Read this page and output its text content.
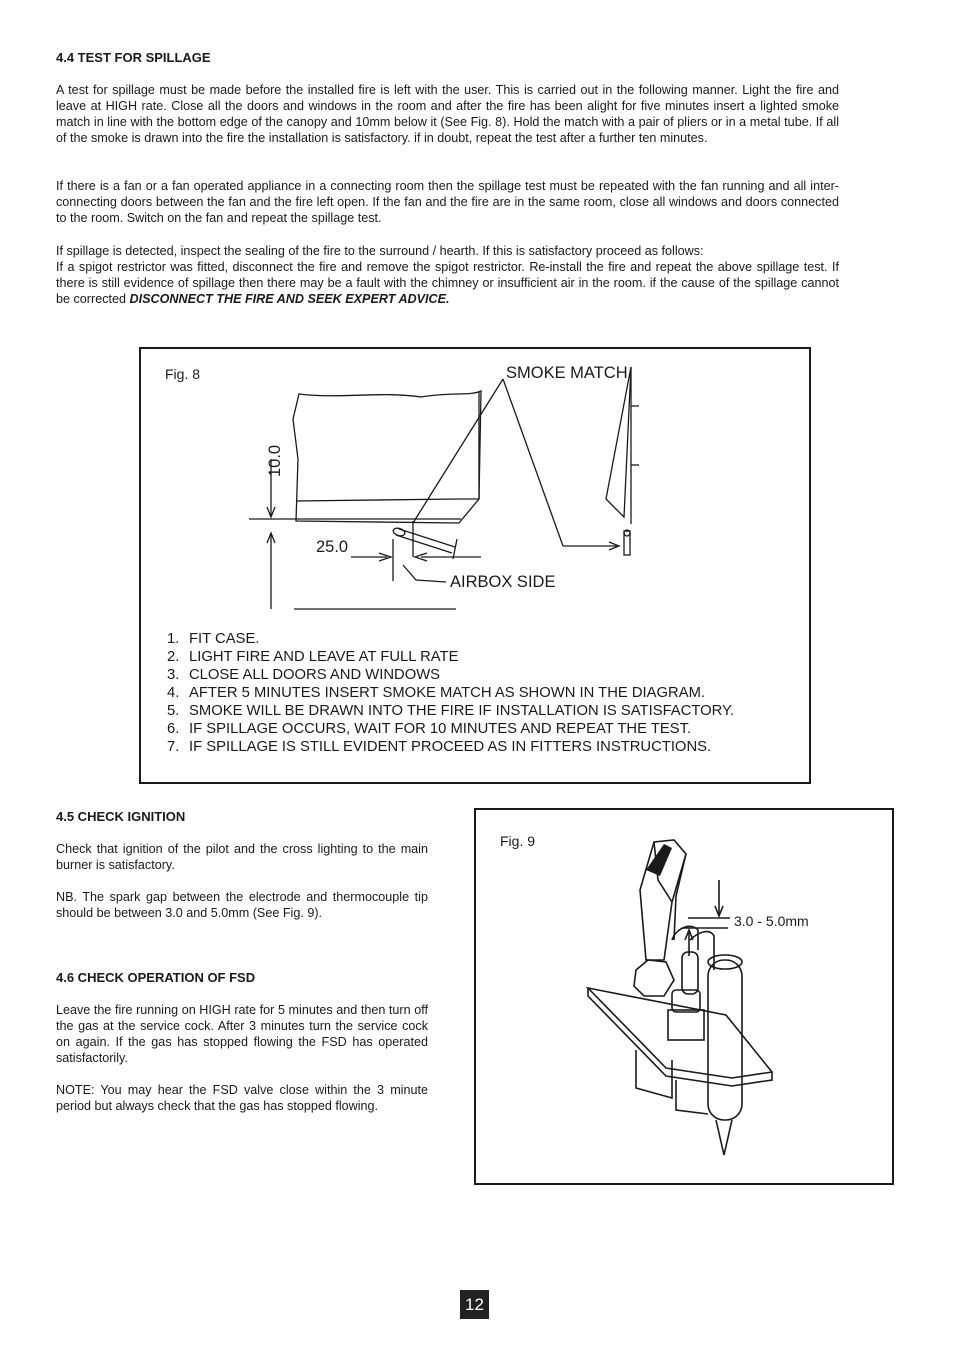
4.4 TEST FOR SPILLAGE
A test for spillage must be made before the installed fire is left with the user. This is carried out in the following manner. Light the fire and leave at HIGH rate. Close all the doors and windows in the room and after the fire has been alight for five minutes insert a lighted smoke match in line with the bottom edge of the canopy and 10mm below it (See Fig. 8). Hold the match with a pair of pliers or in a metal tube. If all of the smoke is drawn into the fire the installation is satisfactory. if in doubt, repeat the test after a further ten minutes.
If there is a fan or a fan operated appliance in a connecting room then the spillage test must be repeated with the fan running and all inter-connecting doors between the fan and the fire left open. If the fan and the fire are in the same room, close all windows and doors connected to the room. Switch on the fan and repeat the spillage test.
If spillage is detected, inspect the sealing of the fire to the surround / hearth. If this is satisfactory proceed as follows:
If a spigot restrictor was fitted, disconnect the fire and remove the spigot restrictor. Re-install the fire and repeat the above spillage test. If there is still evidence of spillage then there may be a fault with the chimney or insufficient air in the room. if the cause of the spillage cannot be corrected DISCONNECT THE FIRE AND SEEK EXPERT ADVICE.
Fig. 8	SMOKE MATCH
10.0
25.0
AIRBOX SIDE
1. FIT CASE.
2. LIGHT FIRE AND LEAVE AT FULL RATE
3. CLOSE ALL DOORS AND WINDOWS
4. AFTER 5 MINUTES INSERT SMOKE MATCH AS SHOWN IN THE DIAGRAM.
5. SMOKE WILL BE DRAWN INTO THE FIRE IF INSTALLATION IS SATISFACTORY.
6. IF SPILLAGE OCCURS, WAIT FOR 10 MINUTES AND REPEAT THE TEST.
7. IF SPILLAGE IS STILL EVIDENT PROCEED AS IN FITTERS INSTRUCTIONS.
4.5 CHECK IGNITION
Check that ignition of the pilot and the cross lighting to the main burner is satisfactory.
NB. The spark gap between the electrode and thermocouple tip should be between 3.0 and 5.0mm (See Fig. 9).
4.6 CHECK OPERATION OF FSD
Leave the fire running on HIGH rate for 5 minutes and then turn off the gas at the service cock. After 3 minutes turn the service cock on again. If the gas has stopped flowing the FSD has operated satisfactorily.
NOTE: You may hear the FSD valve close within the 3 minute period but always check that the gas has stopped flowing.
Fig. 9
3.0 - 5.0mm
12
